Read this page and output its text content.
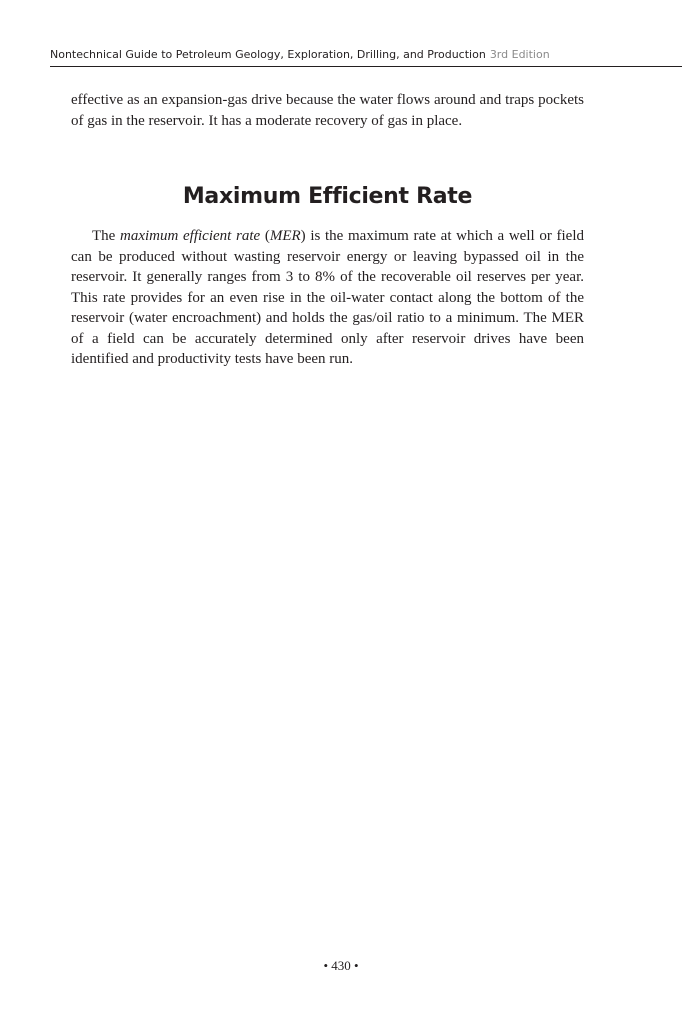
Nontechnical Guide to Petroleum Geology, Exploration, Drilling, and Production 3rd Edition

effective as an expansion-gas drive because the water flows around and traps pockets of gas in the reservoir. It has a moderate recovery of gas in place.

Maximum Efficient Rate

The maximum efficient rate (MER) is the maximum rate at which a well or field can be produced without wasting reservoir energy or leaving bypassed oil in the reservoir. It generally ranges from 3 to 8% of the recoverable oil reserves per year. This rate provides for an even rise in the oil-water contact along the bottom of the reservoir (water encroachment) and holds the gas/oil ratio to a minimum. The MER of a field can be accurately determined only after reservoir drives have been identified and productivity tests have been run.

• 430 •
